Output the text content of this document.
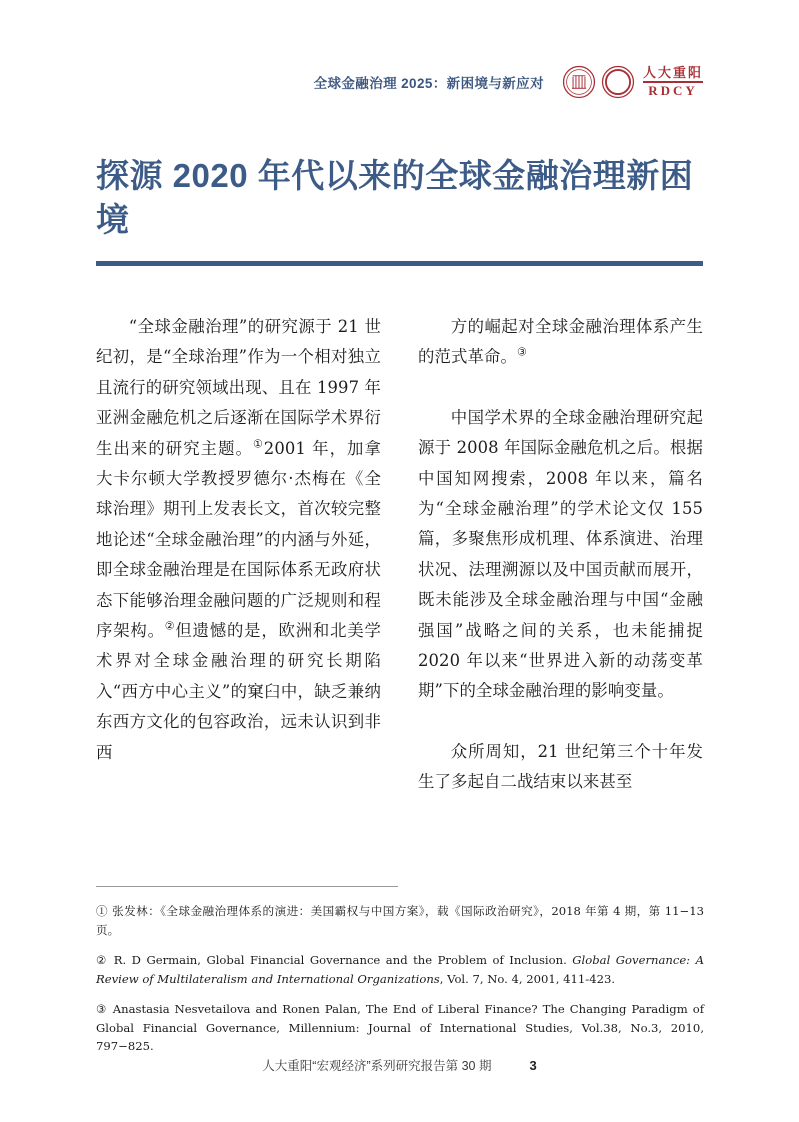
全球金融治理 2025：新困境与新应对
人大重阳
RDCY
探源 2020 年代以来的全球金融治理新困境

“全球金融治理”的研究源于 21 世纪初，是“全球治理”作为一个相对独立且流行的研究领域出现、且在 1997 年亚洲金融危机之后逐渐在国际学术界衍生出来的研究主题。①2001 年，加拿大卡尔顿大学教授罗德尔·杰梅在《全球治理》期刊上发表长文，首次较完整地论述“全球金融治理”的内涵与外延，即全球金融治理是在国际体系无政府状态下能够治理金融问题的广泛规则和程序架构。②但遗憾的是，欧洲和北美学术界对全球金融治理的研究长期陷入“西方中心主义”的窠臼中，缺乏兼纳东西方文化的包容政治，远未认识到非西

方的崛起对全球金融治理体系产生的范式革命。③

中国学术界的全球金融治理研究起源于 2008 年国际金融危机之后。根据中国知网搜索，2008 年以来，篇名为“全球金融治理”的学术论文仅 155 篇，多聚焦形成机理、体系演进、治理状况、法理溯源以及中国贡献而展开，既未能涉及全球金融治理与中国“金融强国”战略之间的关系，也未能捕捉 2020 年以来“世界进入新的动荡变革期”下的全球金融治理的影响变量。

众所周知，21 世纪第三个十年发生了多起自二战结束以来甚至

① 张发林：《全球金融治理体系的演进：美国霸权与中国方案》，载《国际政治研究》，2018 年第 4 期，第 11−13 页。

② R. D Germain, Global Financial Governance and the Problem of Inclusion. Global Governance: A Review of Multilateralism and International Organizations, Vol. 7, No. 4, 2001, 411-423.

③ Anastasia Nesvetailova and Ronen Palan, The End of Liberal Finance? The Changing Paradigm of Global Financial Governance, Millennium: Journal of International Studies, Vol.38, No.3, 2010, 797−825.

人大重阳“宏观经济”系列研究报告第 30 期	3
